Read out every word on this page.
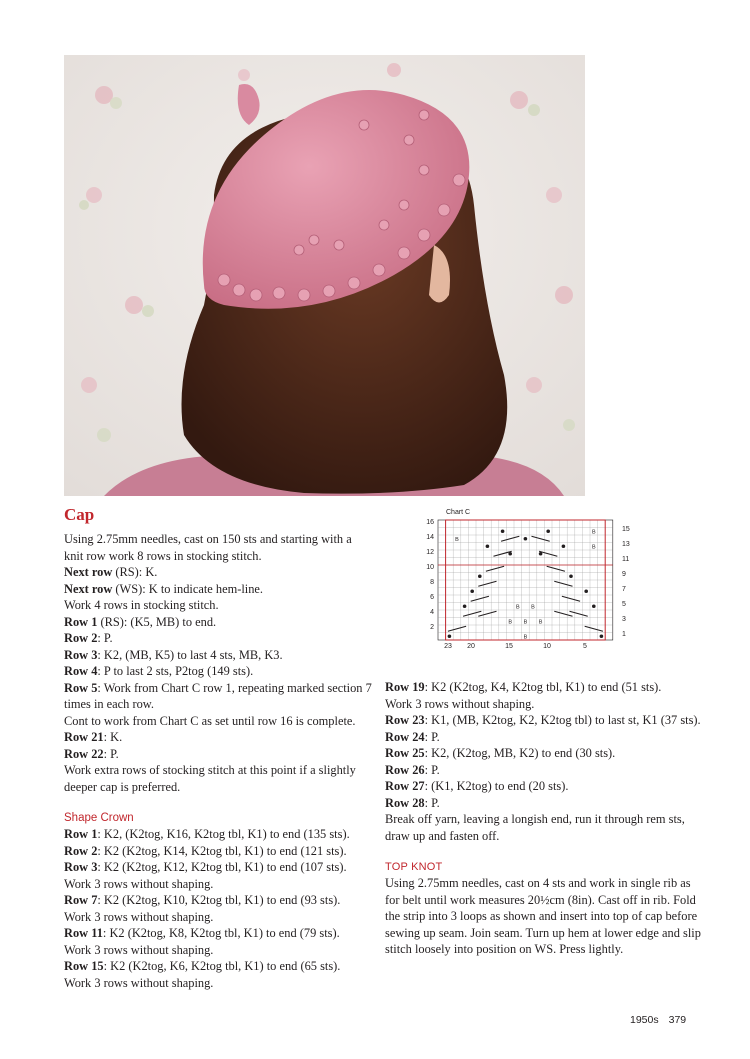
Cap

Using 2.75mm needles, cast on 150 sts and starting with a knit row work 8 rows in stocking stitch.

Next row (RS): K.

Next row (WS): K to indicate hem-line.

Work 4 rows in stocking stitch.

Row 1 (RS): (K5, MB) to end.

Row 2: P.

Row 3: K2, (MB, K5) to last 4 sts, MB, K3.

Row 4: P to last 2 sts, P2tog (149 sts).

Row 5: Work from Chart C row 1, repeating marked section 7 times in each row.

Cont to work from Chart C as set until row 16 is complete.

Row 21: K.

Row 22: P.

Work extra rows of stocking stitch at this point if a slightly deeper cap is preferred.

Shape Crown

Row 1: K2, (K2tog, K16, K2tog tbl, K1) to end (135 sts).

Row 2: K2 (K2tog, K14, K2tog tbl, K1) to end (121 sts).

Row 3: K2 (K2tog, K12, K2tog tbl, K1) to end (107 sts).

Work 3 rows without shaping.

Row 7: K2 (K2tog, K10, K2tog tbl, K1) to end (93 sts).

Work 3 rows without shaping.

Row 11: K2 (K2tog, K8, K2tog tbl, K1) to end (79 sts).

Work 3 rows without shaping.

Row 15: K2 (K2tog, K6, K2tog tbl, K1) to end (65 sts).

Work 3 rows without shaping.

Chart C
B
B B B
B B
B
B
B
16
14
12
10
8
6
4
2
15
13
11
9
7
5
3
1
23 20	15	10	5

Row 19: K2 (K2tog, K4, K2tog tbl, K1) to end (51 sts).

Work 3 rows without shaping.

Row 23: K1, (MB, K2tog, K2, K2tog tbl) to last st, K1 (37 sts).

Row 24: P.

Row 25: K2, (K2tog, MB, K2) to end (30 sts).

Row 26: P.

Row 27: (K1, K2tog) to end (20 sts).

Row 28: P.

Break off yarn, leaving a longish end, run it through rem sts, draw up and fasten off.

TOP KNOT

Using 2.75mm needles, cast on 4 sts and work in single rib as for belt until work measures 20½cm (8in). Cast off in rib. Fold the strip into 3 loops as shown and insert into top of cap before sewing up seam. Join seam. Turn up hem at lower edge and slip stitch loosely into position on WS. Press lightly.

1950s 379
